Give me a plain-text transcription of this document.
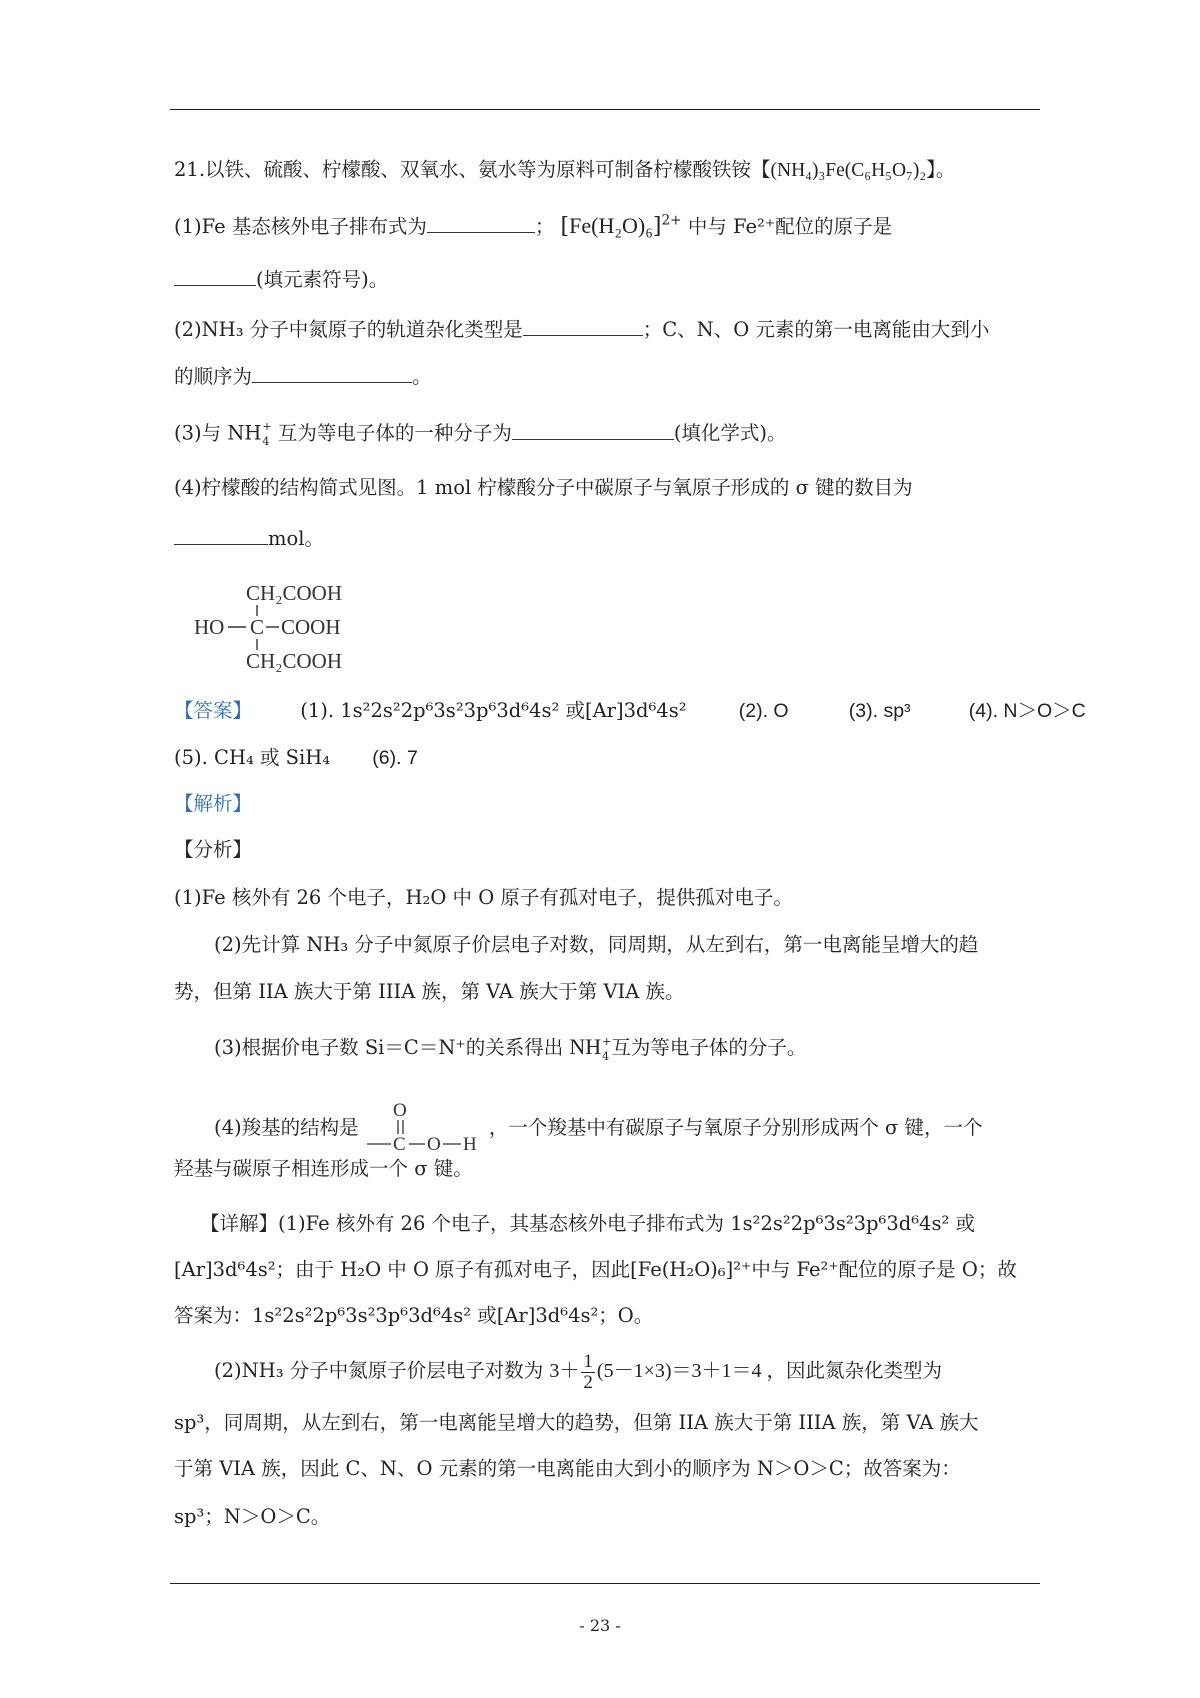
21.以铁、硫酸、柠檬酸、双氧水、氨水等为原料可制备柠檬酸铁铵【(NH₄)₃Fe(C₆H₅O₇)₂】。
(1)Fe 基态核外电子排布式为	； $[Fe(H_2O)_6]^{2+}$ 中与 Fe²⁺配位的原子是
(填元素符号)。
(2)NH₃ 分子中氮原子的轨道杂化类型是	；C、N、O 元素的第一电离能由大到小
的顺序为	。
(3)与 NH +
4 互为等电子体的一种分子为	(填化学式)。
(4)柠檬酸的结构简式见图。1 mol 柠檬酸分子中碳原子与氧原子形成的 σ 键的数目为
mol。
CH₂COOH
HO C COOH
CH₂COOH
【答案】 (1). 1s²2s²2p⁶3s²3p⁶3d⁶4s² 或[Ar]3d⁶4s²	(2). O	(3). sp³	(4). N＞O＞C
(5). CH₄ 或 SiH₄ (6). 7
【解析】
【分析】
(1)Fe 核外有 26 个电子，H₂O 中 O 原子有孤对电子，提供孤对电子。
(2)先计算 NH₃ 分子中氮原子价层电子对数，同周期，从左到右，第一电离能呈增大的趋
势，但第 IIA 族大于第 IIIA 族，第 VA 族大于第 VIA 族。
(3)根据价电子数 Si＝C＝N⁺的关系得出 NH +
4 互为等电子体的分子。
(4)羧基的结构是
O
C O H
，一个羧基中有碳原子与氧原子分别形成两个 σ 键，一个
羟基与碳原子相连形成一个 σ 键。
【详解】(1)Fe 核外有 26 个电子，其基态核外电子排布式为 1s²2s²2p⁶3s²3p⁶3d⁶4s² 或
[Ar]3d⁶4s²；由于 H₂O 中 O 原子有孤对电子，因此[Fe(H₂O)₆]²⁺中与 Fe²⁺配位的原子是 O；故
答案为：1s²2s²2p⁶3s²3p⁶3d⁶4s² 或[Ar]3d⁶4s²；O。
(2)NH₃ 分子中氮原子价层电子对数为 $3+ \frac{1}{2} (5-1\times 3)=3+1=4$ ，因此氮杂化类型为
sp³，同周期，从左到右，第一电离能呈增大的趋势，但第 IIA 族大于第 IIIA 族，第 VA 族大
于第 VIA 族，因此 C、N、O 元素的第一电离能由大到小的顺序为 N＞O＞C；故答案为：
sp³；N＞O＞C。
- 23 -
